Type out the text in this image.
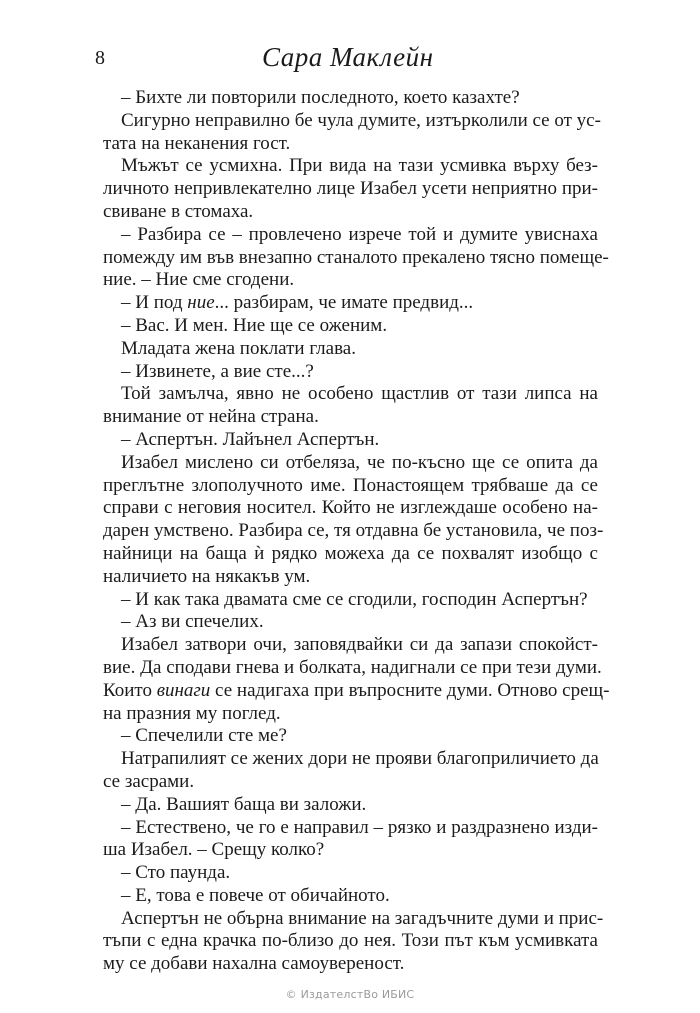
8	Сара Маклейн
– Бихте ли повторили последното, което казахте?
Сигурно неправилно бе чула думите, изтърколили се от ус-
тата на неканения гост.
Мъжът се усмихна. При вида на тази усмивка върху без-
личното непривлекателно лице Изабел усети неприятно при-
свиване в стомаха.
– Разбира се – провлечено изрече той и думите увиснаха
помежду им във внезапно станалото прекалено тясно помеще-
ние. – Ние сме сгодени.
– И под ние... разбирам, че имате предвид...
– Вас. И мен. Ние ще се оженим.
Младата жена поклати глава.
– Извинете, а вие сте...?
Той замълча, явно не особено щастлив от тази липса на
внимание от нейна страна.
– Аспертън. Лайънел Аспертън.
Изабел мислено си отбеляза, че по-късно ще се опита да
преглътне злополучното име. Понастоящем трябваше да се
справи с неговия носител. Който не изглеждаше особено на-
дарен умствено. Разбира се, тя отдавна бе установила, че поз-
найници на баща ѝ рядко можеха да се похвалят изобщо с
наличието на някакъв ум.
– И как така двамата сме се сгодили, господин Аспертън?
– Аз ви спечелих.
Изабел затвори очи, заповядвайки си да запази спокойст-
вие. Да сподави гнева и болката, надигнали се при тези думи.
Които винаги се надигаха при въпросните думи. Отново срещ-
на празния му поглед.
– Спечелили сте ме?
Натрапилият се жених дори не прояви благоприличието да
се засрами.
– Да. Вашият баща ви заложи.
– Естествено, че го е направил – рязко и раздразнено изди-
ша Изабел. – Срещу колко?
– Сто паунда.
– Е, това е повече от обичайното.
Аспертън не обърна внимание на загадъчните думи и прис-
тъпи с една крачка по-близо до нея. Този път към усмивката
му се добави нахална самоувереност.
© ИздателстВо ИБИС
